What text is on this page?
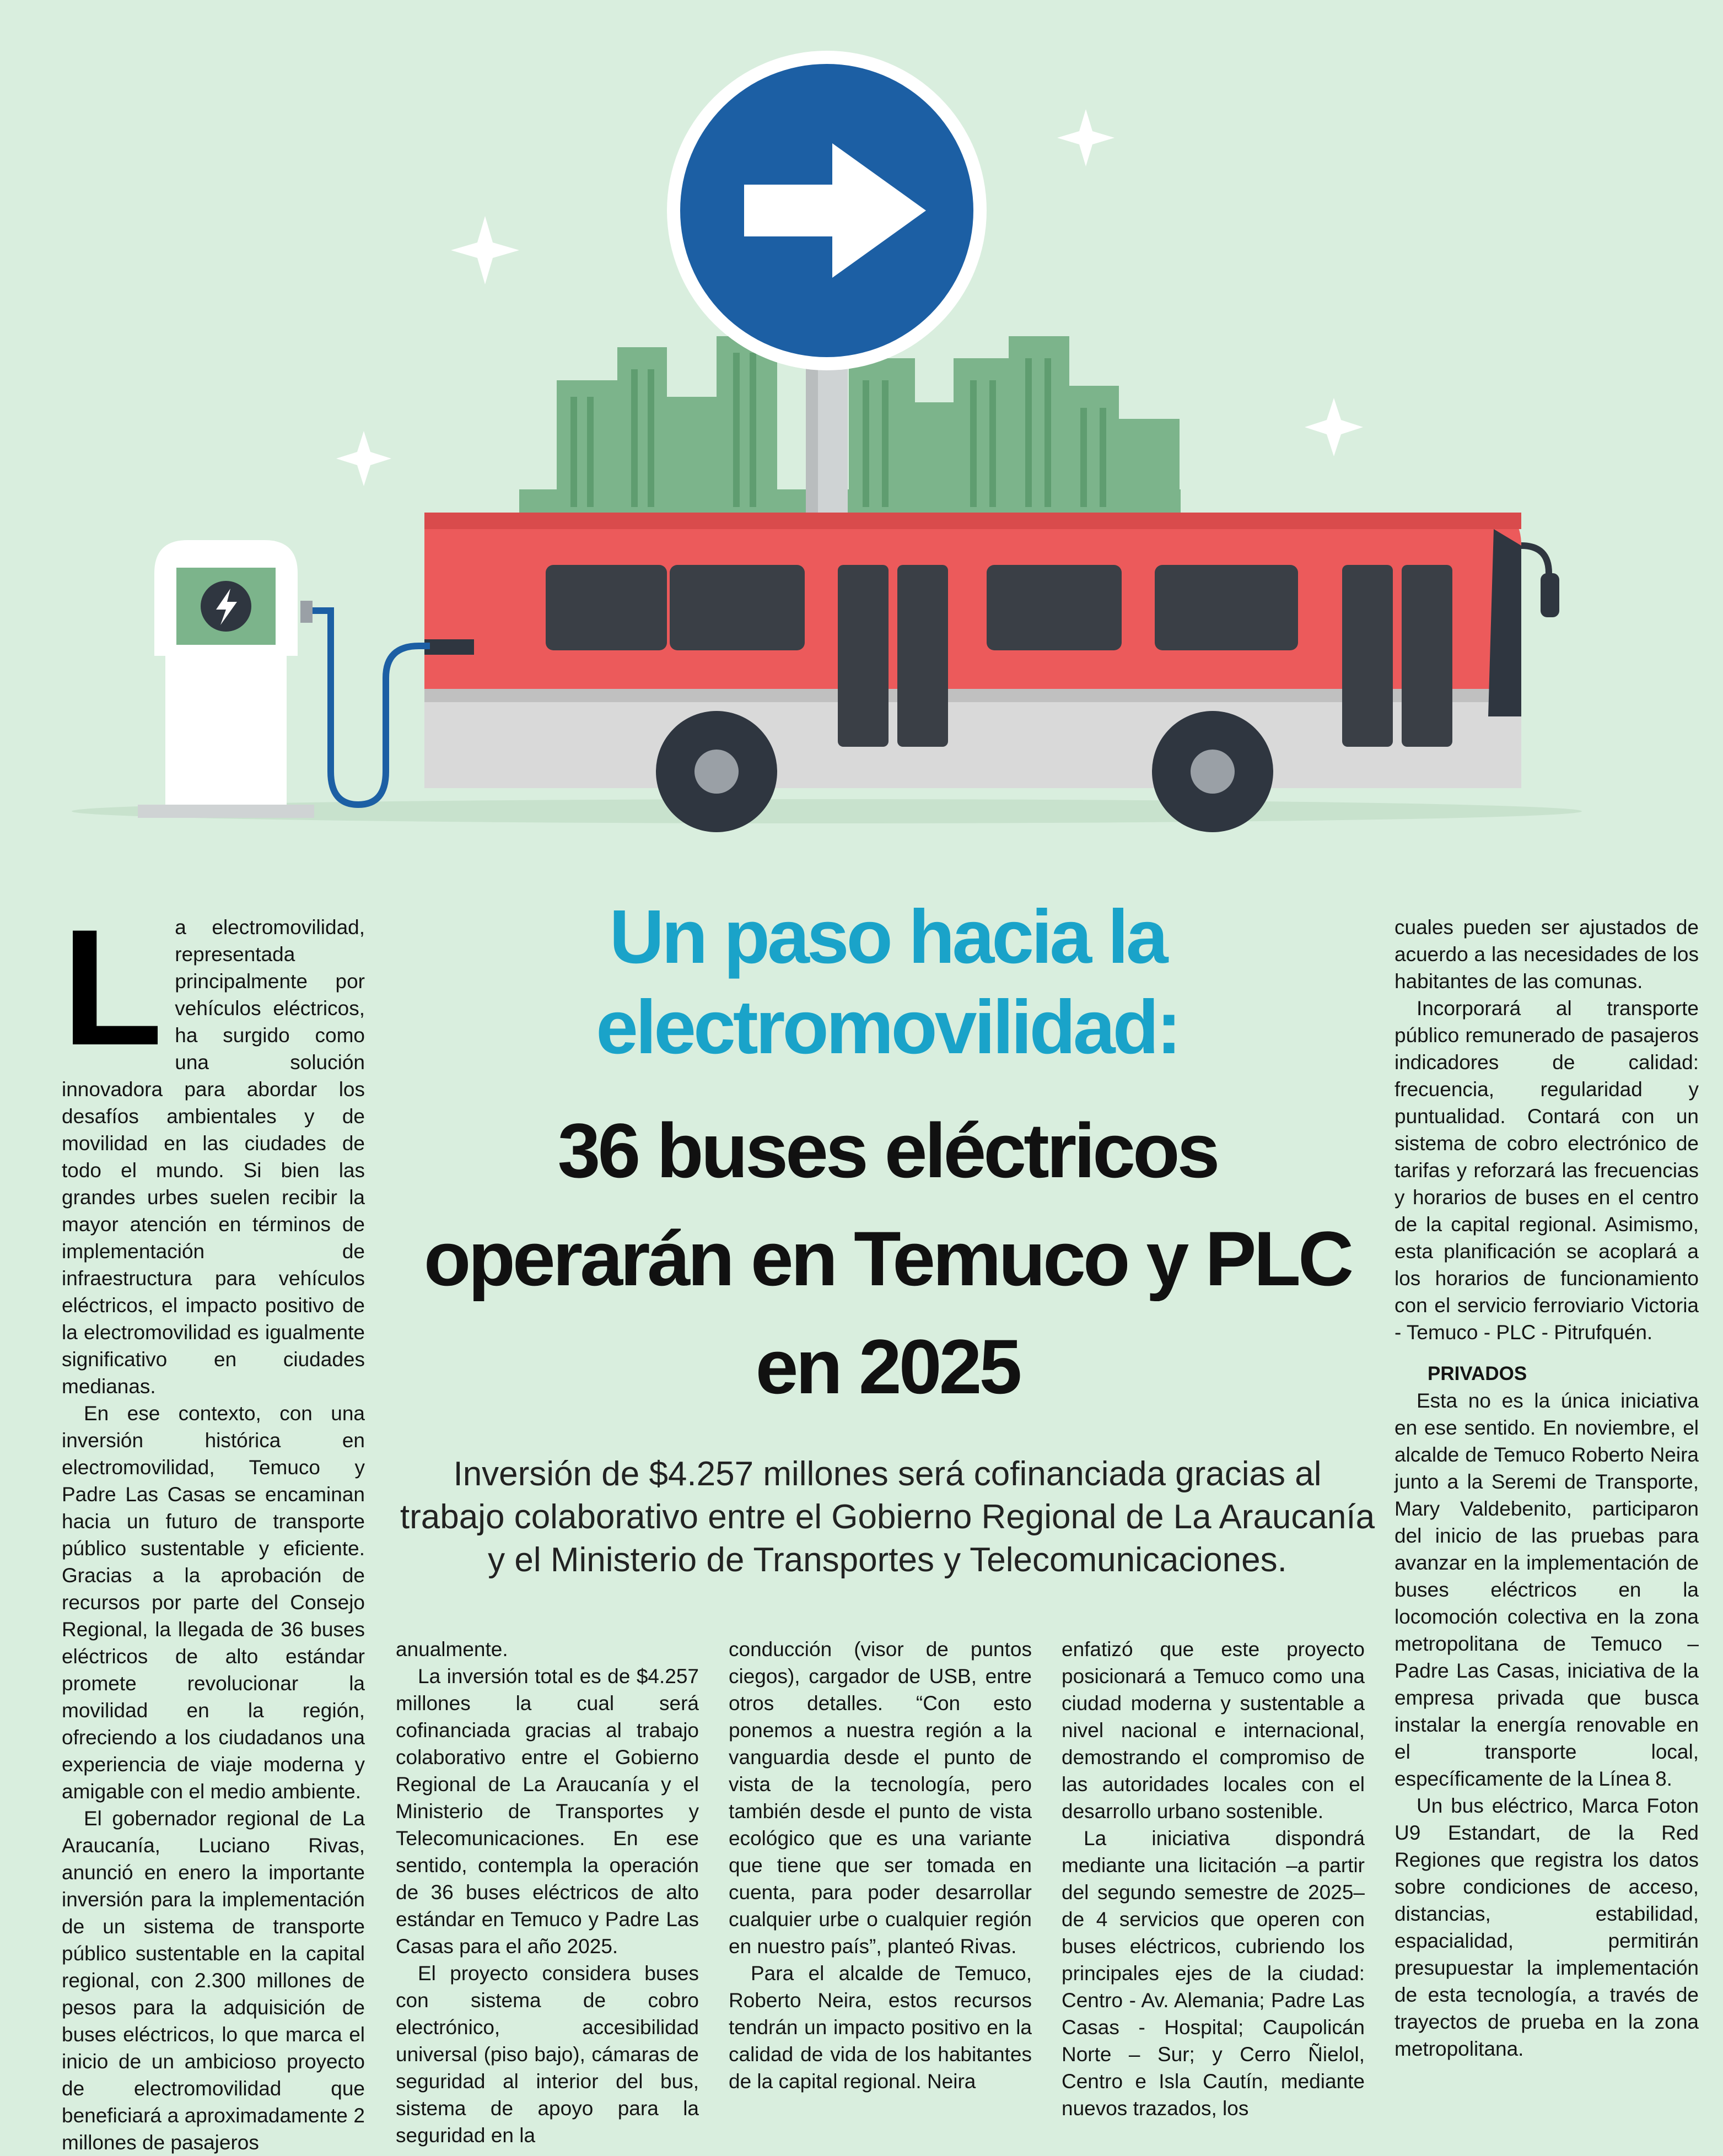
Un paso hacia la electromovilidad:
36 buses eléctricos operarán en Temuco y PLC en 2025

Inversión de $4.257 millones será cofinanciada gracias al trabajo colaborativo entre el Gobierno Regional de La Araucanía y el Ministerio de Transportes y Telecomunicaciones.

L a electromovilidad, representada principalmente por vehículos eléctricos, ha surgido como una solución innovadora para abordar los desafíos ambientales y de movilidad en las ciudades de todo el mundo. Si bien las grandes urbes suelen recibir la mayor atención en términos de implementación de infraestructura para vehículos eléctricos, el impacto positivo de la electromovilidad es igualmente significativo en ciudades medianas.

En ese contexto, con una inversión histórica en electromovilidad, Temuco y Padre Las Casas se encaminan hacia un futuro de transporte público sustentable y eficiente. Gracias a la aprobación de recursos por parte del Consejo Regional, la llegada de 36 buses eléctricos de alto estándar promete revolucionar la movilidad en la región, ofreciendo a los ciudadanos una experiencia de viaje moderna y amigable con el medio ambiente.

El gobernador regional de La Araucanía, Luciano Rivas, anunció en enero la importante inversión para la implementación de un sistema de transporte público sustentable en la capital regional, con 2.300 millones de pesos para la adquisición de buses eléctricos, lo que marca el inicio de un ambicioso proyecto de electromovilidad que beneficiará a aproximadamente 2 millones de pasajeros

anualmente.

La inversión total es de $4.257 millones la cual será cofinanciada gracias al trabajo colaborativo entre el Gobierno Regional de La Araucanía y el Ministerio de Transportes y Telecomunicaciones. En ese sentido, contempla la operación de 36 buses eléctricos de alto estándar en Temuco y Padre Las Casas para el año 2025.

El proyecto considera buses con sistema de cobro electrónico, accesibilidad universal (piso bajo), cámaras de seguridad al interior del bus, sistema de apoyo para la seguridad en la

conducción (visor de puntos ciegos), cargador de USB, entre otros detalles. “Con esto ponemos a nuestra región a la vanguardia desde el punto de vista de la tecnología, pero también desde el punto de vista ecológico que es una variante que tiene que ser tomada en cuenta, para poder desarrollar cualquier urbe o cualquier región en nuestro país”, planteó Rivas.

Para el alcalde de Temuco, Roberto Neira, estos recursos tendrán un impacto positivo en la calidad de vida de los habitantes de la capital regional. Neira

enfatizó que este proyecto posicionará a Temuco como una ciudad moderna y sustentable a nivel nacional e internacional, demostrando el compromiso de las autoridades locales con el desarrollo urbano sostenible.

La iniciativa dispondrá mediante una licitación –a partir del segundo semestre de 2025– de 4 servicios que operen con buses eléctricos, cubriendo los principales ejes de la ciudad: Centro - Av. Alemania; Padre Las Casas - Hospital; Caupolicán Norte – Sur; y Cerro Ñielol, Centro e Isla Cautín, mediante nuevos trazados, los

cuales pueden ser ajustados de acuerdo a las necesidades de los habitantes de las comunas.

Incorporará al transporte público remunerado de pasajeros indicadores de calidad: frecuencia, regularidad y puntualidad. Contará con un sistema de cobro electrónico de tarifas y reforzará las frecuencias y horarios de buses en el centro de la capital regional. Asimismo, esta planificación se acoplará a los horarios de funcionamiento con el servicio ferroviario Victoria - Temuco - PLC - Pitrufquén.

PRIVADOS

Esta no es la única iniciativa en ese sentido. En noviembre, el alcalde de Temuco Roberto Neira junto a la Seremi de Transporte, Mary Valdebenito, participaron del inicio de las pruebas para avanzar en la implementación de buses eléctricos en la locomoción colectiva en la zona metropolitana de Temuco – Padre Las Casas, iniciativa de la empresa privada que busca instalar la energía renovable en el transporte local, específicamente de la Línea 8.

Un bus eléctrico, Marca Foton U9 Estandart, de la Red Regiones que registra los datos sobre condiciones de acceso, distancias, estabilidad, espacialidad, permitirán presupuestar la implementación de esta tecnología, a través de trayectos de prueba en la zona metropolitana.
